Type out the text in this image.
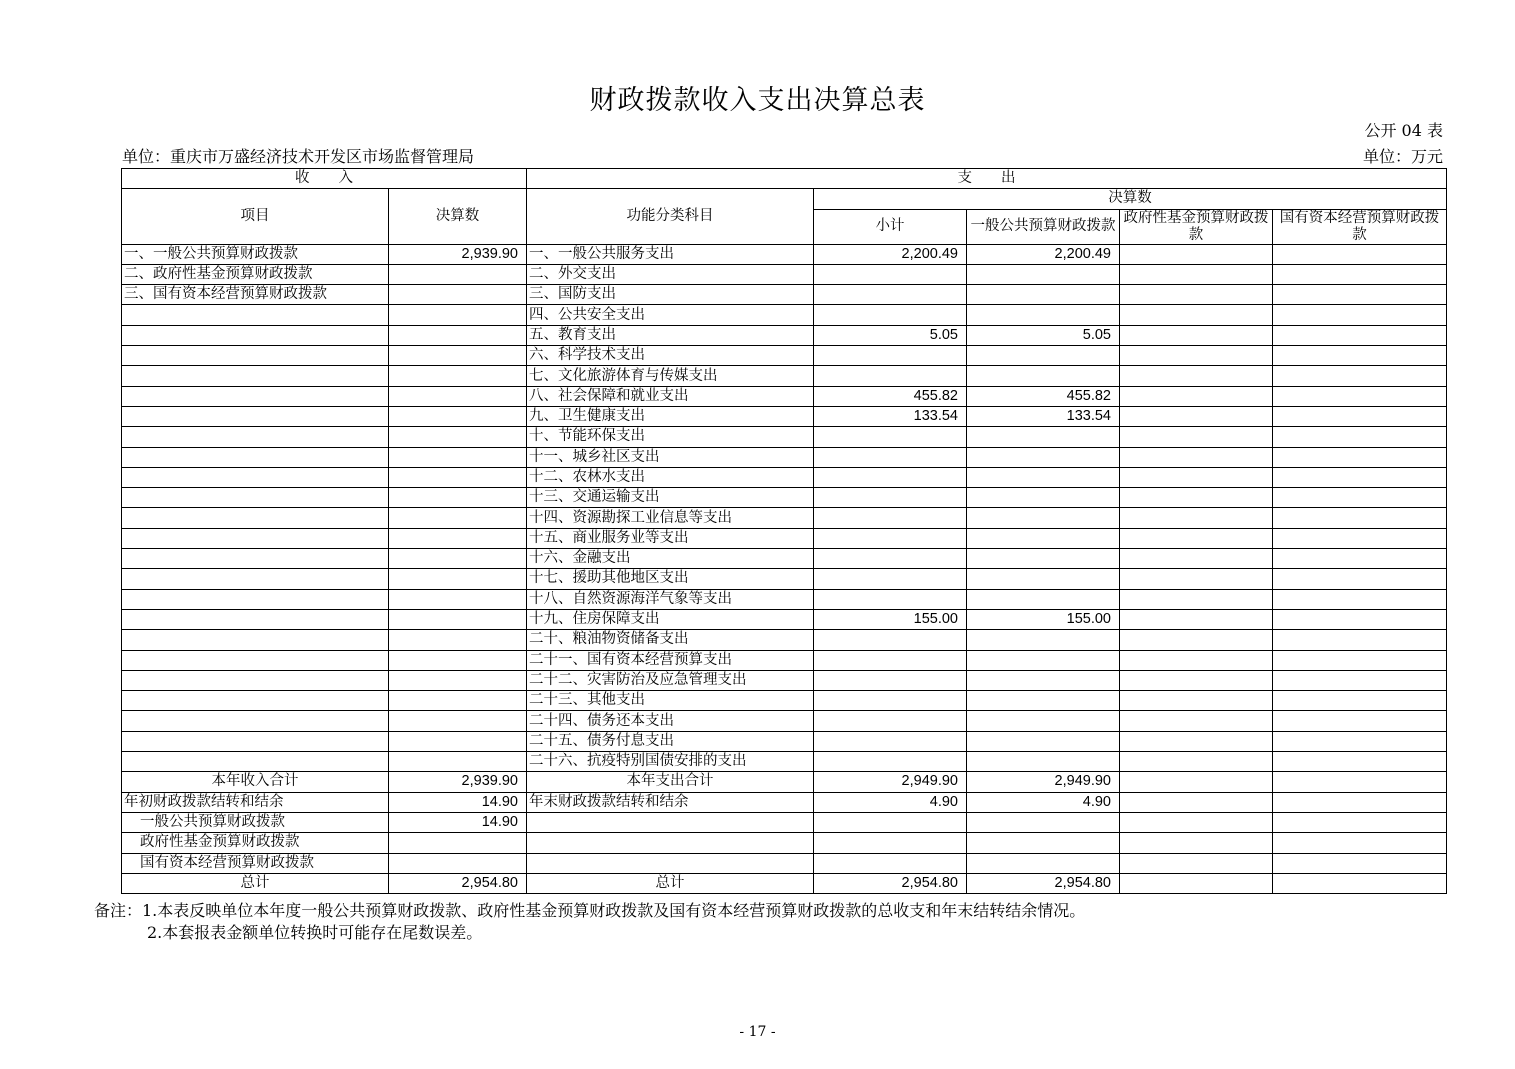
财政拨款收入支出决算总表
公开 04 表
单位：重庆市万盛经济技术开发区市场监督管理局	单位：万元
收　　入		支　　出				
项目	决算数	功能分类科目	决算数			
			小计	一般公共预算财政拨款	政府性基金预算财政拨款	国有资本经营预算财政拨款

一、一般公共预算财政拨款	2,939.90	一、一般公共服务支出	2,200.49	2,200.49		
二、政府性基金预算财政拨款		二、外交支出				
三、国有资本经营预算财政拨款		三、国防支出				
		四、公共安全支出				
		五、教育支出	5.05	5.05		
		六、科学技术支出				
		七、文化旅游体育与传媒支出				
		八、社会保障和就业支出	455.82	455.82		
		九、卫生健康支出	133.54	133.54		
		十、节能环保支出				
		十一、城乡社区支出				
		十二、农林水支出				
		十三、交通运输支出				
		十四、资源勘探工业信息等支出				
		十五、商业服务业等支出				
		十六、金融支出				
		十七、援助其他地区支出				
		十八、自然资源海洋气象等支出				
		十九、住房保障支出	155.00	155.00		
		二十、粮油物资储备支出				
		二十一、国有资本经营预算支出				
		二十二、灾害防治及应急管理支出				
		二十三、其他支出				
		二十四、债务还本支出				
		二十五、债务付息支出				
		二十六、抗疫特别国债安排的支出				
本年收入合计	2,939.90	本年支出合计	2,949.90	2,949.90		
年初财政拨款结转和结余	14.90	年末财政拨款结转和结余	4.90	4.90		
一般公共预算财政拨款	14.90					
政府性基金预算财政拨款						
国有资本经营预算财政拨款						
总计	2,954.80	总计	2,954.80	2,954.80		
备注：1.本表反映单位本年度一般公共预算财政拨款、政府性基金预算财政拨款及国有资本经营预算财政拨款的总收支和年末结转结余情况。
2.本套报表金额单位转换时可能存在尾数误差。
- 17 -
